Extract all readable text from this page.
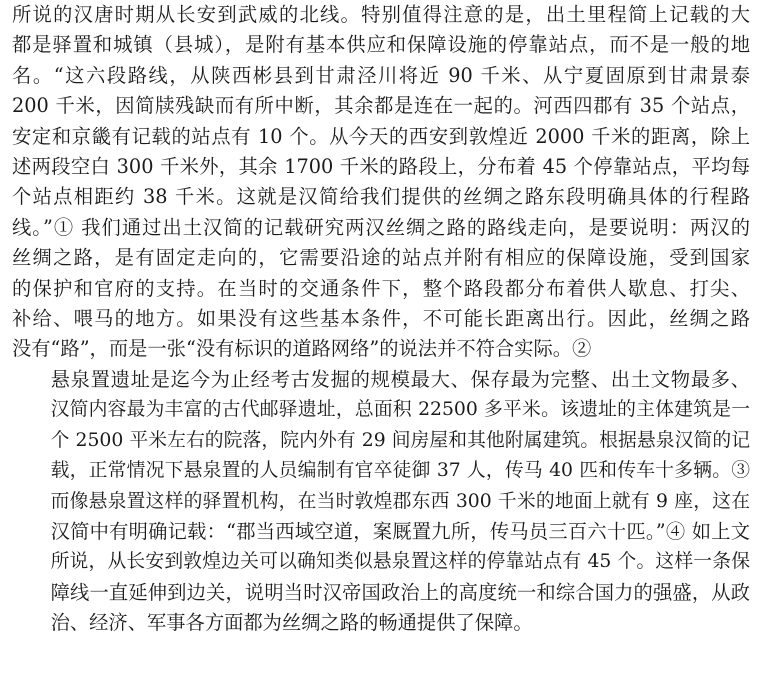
所说的汉唐时期从长安到武威的北线。特别值得注意的是，出土里程简上记载的大
都是驿置和城镇（县城），是附有基本供应和保障设施的停靠站点，而不是一般的地
名。“这六段路线，从陕西彬县到甘肃泾川将近 90 千米、从宁夏固原到甘肃景泰
200 千米，因简牍残缺而有所中断，其余都是连在一起的。河西四郡有 35 个站点，
安定和京畿有记载的站点有 10 个。从今天的西安到敦煌近 2000 千米的距离，除上
述两段空白 300 千米外，其余 1700 千米的路段上，分布着 45 个停靠站点，平均每
个站点相距约 38 千米。这就是汉简给我们提供的丝绸之路东段明确具体的行程路
线。”① 我们通过出土汉简的记载研究两汉丝绸之路的路线走向，是要说明：两汉的
丝绸之路，是有固定走向的，它需要沿途的站点并附有相应的保障设施，受到国家
的保护和官府的支持。在当时的交通条件下，整个路段都分布着供人歇息、打尖、
补给、喂马的地方。如果没有这些基本条件，不可能长距离出行。因此，丝绸之路
没有“路”，而是一张“没有标识的道路网络”的说法并不符合实际。②

悬泉置遗址是迄今为止经考古发掘的规模最大、保存最为完整、出土文物最多、
汉简内容最为丰富的古代邮驿遗址，总面积 22500 多平米。该遗址的主体建筑是一
个 2500 平米左右的院落，院内外有 29 间房屋和其他附属建筑。根据悬泉汉简的记
载，正常情况下悬泉置的人员编制有官卒徒御 37 人，传马 40 匹和传车十多辆。③
而像悬泉置这样的驿置机构，在当时敦煌郡东西 300 千米的地面上就有 9 座，这在
汉简中有明确记载：“郡当西域空道，案厩置九所，传马员三百六十匹。”④ 如上文
所说，从长安到敦煌边关可以确知类似悬泉置这样的停靠站点有 45 个。这样一条保
障线一直延伸到边关，说明当时汉帝国政治上的高度统一和综合国力的强盛，从政
治、经济、军事各方面都为丝绸之路的畅通提供了保障。
